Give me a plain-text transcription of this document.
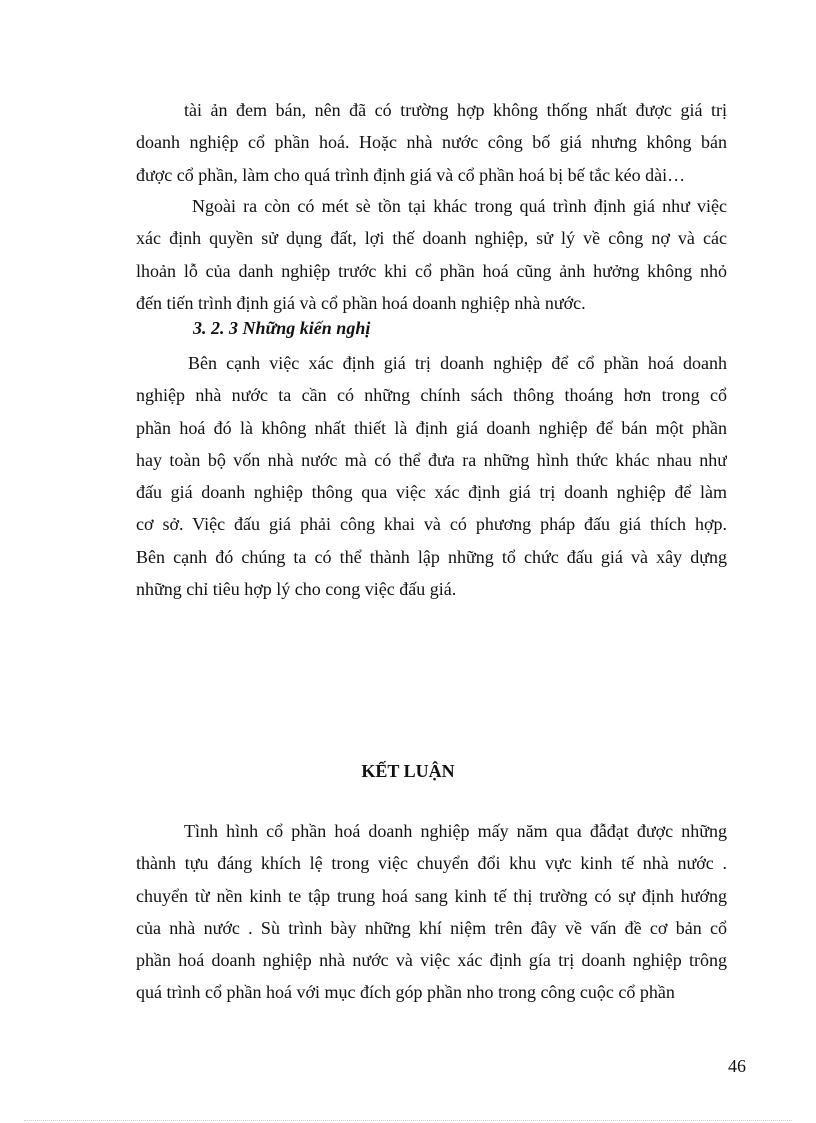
tài ản đem bán, nên đã có trường hợp không thống nhất được giá trị
doanh nghiệp cổ phần hoá. Hoặc nhà nước công bố giá nhưng không bán
được cổ phần, làm cho quá trình định giá và cổ phần hoá bị bế tắc kéo dài…
Ngoài ra còn có mét sè tồn tại khác trong quá trình định giá như việc
xác định quyền sử dụng đất, lợi thế doanh nghiệp, sử lý về công nợ và các
lhoản lỗ của danh nghiệp trước khi cổ phần hoá cũng ảnh hưởng không nhỏ
đến tiến trình định giá và cổ phần hoá doanh nghiệp nhà nước.

3. 2. 3 Những kiến nghị

Bên cạnh việc xác định giá trị doanh nghiệp để cổ phần hoá doanh
nghiệp nhà nước ta cần có những chính sách thông thoáng hơn trong cổ
phần hoá đó là không nhất thiết là định giá doanh nghiệp để bán một phần
hay toàn bộ vốn nhà nước mà có thể đưa ra những hình thức khác nhau như
đấu giá doanh nghiệp thông qua việc xác định giá trị doanh nghiệp để làm
cơ sở. Việc đấu giá phải công khai và có phương pháp đấu giá thích hợp.
Bên cạnh đó chúng ta có thể thành lập những tổ chức đấu giá và xây dựng
những chỉ tiêu hợp lý cho cong việc đấu giá.

KẾT LUẬN

Tình hình cổ phần hoá doanh nghiệp mấy năm qua đẫđạt được những
thành tựu đáng khích lệ trong việc chuyển đổi khu vực kinh tế nhà nước .
chuyển từ nền kinh te tập trung hoá sang kinh tế thị trường có sự định hướng
của nhà nước . Sù trình bày những khí niệm trên đây về vấn đề cơ bản cổ
phần hoá doanh nghiệp nhà nước và việc xác định gía trị doanh nghiệp trông
quá trình cổ phần hoá với mục đích góp phần nho trong công cuộc cổ phần
46
